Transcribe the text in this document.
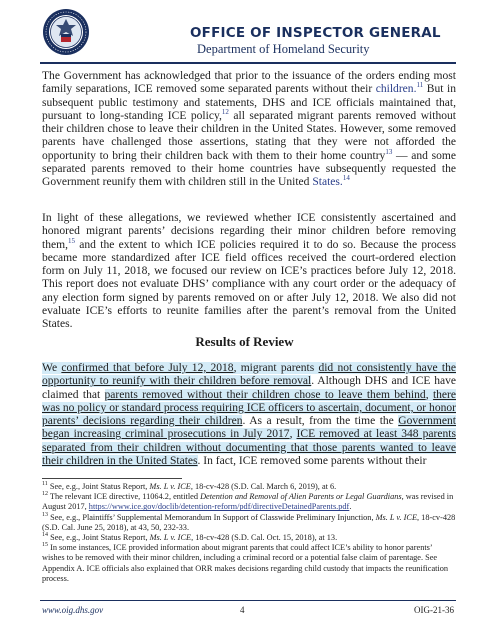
OFFICE OF INSPECTOR GENERAL
Department of Homeland Security
The Government has acknowledged that prior to the issuance of the orders ending most family separations, ICE removed some separated parents without their children.$^{11}$ But in subsequent public testimony and statements, DHS and ICE officials maintained that, pursuant to long-standing ICE policy,$^{12}$ all separated migrant parents removed without their children chose to leave their children in the United States. However, some removed parents have challenged those assertions, stating that they were not afforded the opportunity to bring their children back with them to their home country$^{13}$ — and some separated parents removed to their home countries have subsequently requested the Government reunify them with children still in the United States.$^{14}$
In light of these allegations, we reviewed whether ICE consistently ascertained and honored migrant parents’ decisions regarding their minor children before removing them,$^{15}$ and the extent to which ICE policies required it to do so. Because the process became more standardized after ICE field offices received the court-ordered election form on July 11, 2018, we focused our review on ICE’s practices before July 12, 2018. This report does not evaluate DHS’ compliance with any court order or the adequacy of any election form signed by parents removed on or after July 12, 2018. We also did not evaluate ICE’s efforts to reunite families after the parent’s removal from the United States.
Results of Review
We confirmed that before July 12, 2018, migrant parents did not consistently have the opportunity to reunify with their children before removal. Although DHS and ICE have claimed that parents removed without their children chose to leave them behind, there was no policy or standard process requiring ICE officers to ascertain, document, or honor parents’ decisions regarding their children. As a result, from the time the Government began increasing criminal prosecutions in July 2017, ICE removed at least 348 parents separated from their children without documenting that those parents wanted to leave their children in the United States. In fact, ICE removed some parents without their

$^{11}$ See, e.g., Joint Status Report, Ms. L v. ICE, 18-cv-428 (S.D. Cal. March 6, 2019), at 6.

$^{12}$ The relevant ICE directive, 11064.2, entitled Detention and Removal of Alien Parents or Legal Guardians, was revised in August 2017, https://www.ice.gov/doclib/detention-reform/pdf/directiveDetainedParents.pdf.

$^{13}$ See, e.g., Plaintiffs’ Supplemental Memorandum In Support of Classwide Preliminary Injunction, Ms. L v. ICE, 18-cv-428 (S.D. Cal. June 25, 2018), at 43, 50, 232-33.

$^{14}$ See, e.g., Joint Status Report, Ms. L v. ICE, 18-cv-428 (S.D. Cal. Oct. 15, 2018), at 13.

$^{15}$ In some instances, ICE provided information about migrant parents that could affect ICE’s ability to honor parents’ wishes to be removed with their minor children, including a criminal record or a potential false claim of parentage. See Appendix A. ICE officials also explained that ORR makes decisions regarding child custody that impacts the reunification process.

www.oig.dhs.gov	4	OIG-21-36
